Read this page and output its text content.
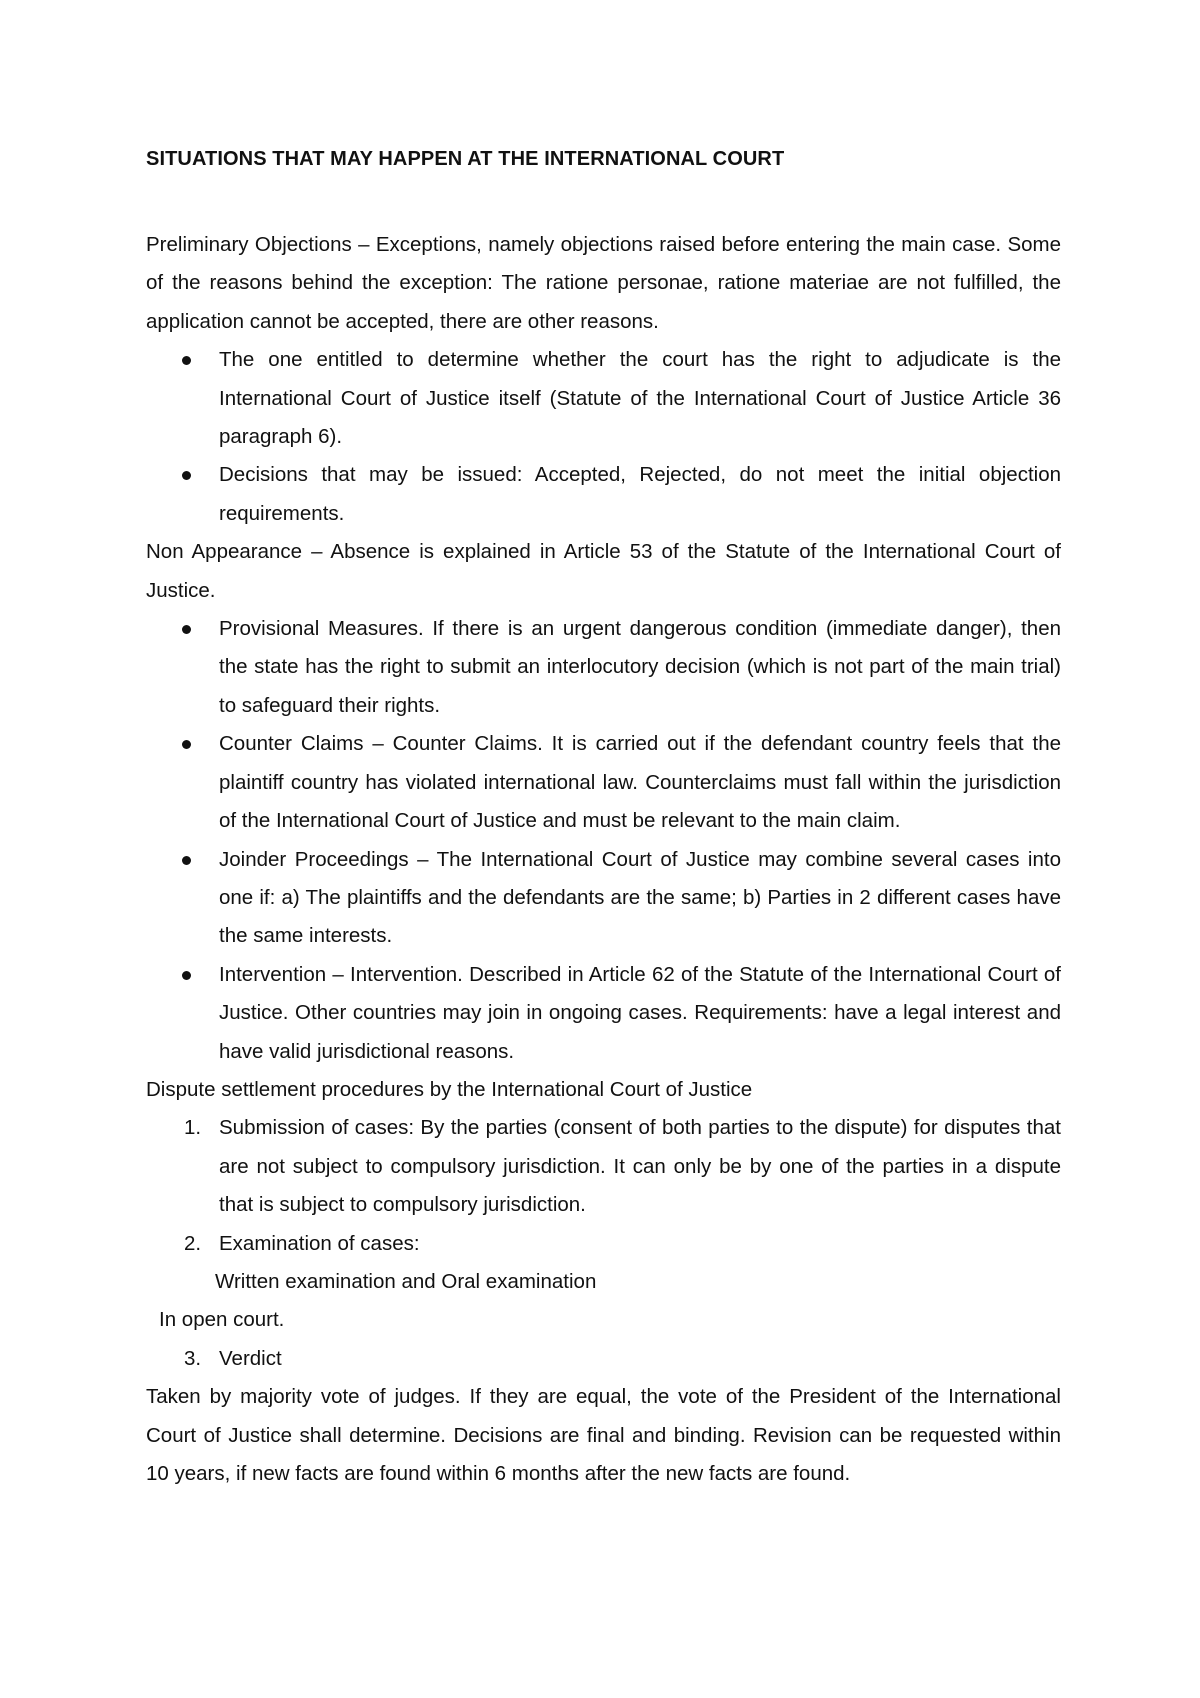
SITUATIONS THAT MAY HAPPEN AT THE INTERNATIONAL COURT

Preliminary Objections – Exceptions, namely objections raised before entering the main case. Some of the reasons behind the exception: The ratione personae, ratione materiae are not fulfilled, the application cannot be accepted, there are other reasons.

The one entitled to determine whether the court has the right to adjudicate is the International Court of Justice itself (Statute of the International Court of Justice Article 36 paragraph 6).
Decisions that may be issued: Accepted, Rejected, do not meet the initial objection requirements.

Non Appearance – Absence is explained in Article 53 of the Statute of the International Court of Justice.

Provisional Measures. If there is an urgent dangerous condition (immediate danger), then the state has the right to submit an interlocutory decision (which is not part of the main trial) to safeguard their rights.
Counter Claims – Counter Claims. It is carried out if the defendant country feels that the plaintiff country has violated international law. Counterclaims must fall within the jurisdiction of the International Court of Justice and must be relevant to the main claim.
Joinder Proceedings – The International Court of Justice may combine several cases into one if: a) The plaintiffs and the defendants are the same; b) Parties in 2 different cases have the same interests.
Intervention – Intervention. Described in Article 62 of the Statute of the International Court of Justice. Other countries may join in ongoing cases. Requirements: have a legal interest and have valid jurisdictional reasons.

Dispute settlement procedures by the International Court of Justice

1. Submission of cases: By the parties (consent of both parties to the dispute) for disputes that are not subject to compulsory jurisdiction. It can only be by one of the parties in a dispute that is subject to compulsory jurisdiction.
2. Examination of cases:

Written examination and Oral examination

In open court.

3. Verdict

Taken by majority vote of judges. If they are equal, the vote of the President of the International Court of Justice shall determine. Decisions are final and binding. Revision can be requested within 10 years, if new facts are found within 6 months after the new facts are found.
